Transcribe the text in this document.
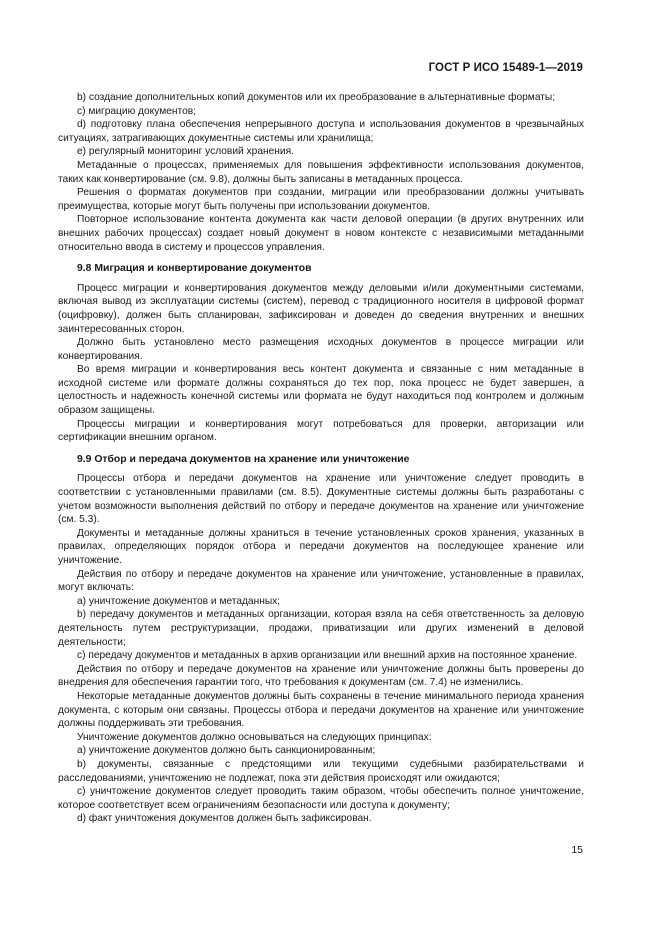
ГОСТ Р ИСО 15489-1—2019

b) создание дополнительных копий документов или их преобразование в альтернативные форматы;

c) миграцию документов;

d) подготовку плана обеспечения непрерывного доступа и использования документов в чрезвычайных ситуациях, затрагивающих документные системы или хранилища;

e) регулярный мониторинг условий хранения.

Метаданные о процессах, применяемых для повышения эффективности использования документов, таких как конвертирование (см. 9.8), должны быть записаны в метаданных процесса.

Решения о форматах документов при создании, миграции или преобразовании должны учитывать преимущества, которые могут быть получены при использовании документов.

Повторное использование контента документа как части деловой операции (в других внутренних или внешних рабочих процессах) создает новый документ в новом контексте с независимыми метаданными относительно ввода в систему и процессов управления.

9.8 Миграция и конвертирование документов

Процесс миграции и конвертирования документов между деловыми и/или документными системами, включая вывод из эксплуатации системы (систем), перевод с традиционного носителя в цифровой формат (оцифровку), должен быть спланирован, зафиксирован и доведен до сведения внутренних и внешних заинтересованных сторон.

Должно быть установлено место размещения исходных документов в процессе миграции или конвертирования.

Во время миграции и конвертирования весь контент документа и связанные с ним метаданные в исходной системе или формате должны сохраняться до тех пор, пока процесс не будет завершен, а целостность и надежность конечной системы или формата не будут находиться под контролем и должным образом защищены.

Процессы миграции и конвертирования могут потребоваться для проверки, авторизации или сертификации внешним органом.

9.9 Отбор и передача документов на хранение или уничтожение

Процессы отбора и передачи документов на хранение или уничтожение следует проводить в соответствии с установленными правилами (см. 8.5). Документные системы должны быть разработаны с учетом возможности выполнения действий по отбору и передаче документов на хранение или уничтожение (см. 5.3).

Документы и метаданные должны храниться в течение установленных сроков хранения, указанных в правилах, определяющих порядок отбора и передачи документов на последующее хранение или уничтожение.

Действия по отбору и передаче документов на хранение или уничтожение, установленные в правилах, могут включать:

a) уничтожение документов и метаданных;

b) передачу документов и метаданных организации, которая взяла на себя ответственность за деловую деятельность путем реструктуризации, продажи, приватизации или других изменений в деловой деятельности;

c) передачу документов и метаданных в архив организации или внешний архив на постоянное хранение.

Действия по отбору и передаче документов на хранение или уничтожение должны быть проверены до внедрения для обеспечения гарантии того, что требования к документам (см. 7.4) не изменились.

Некоторые метаданные документов должны быть сохранены в течение минимального периода хранения документа, с которым они связаны. Процессы отбора и передачи документов на хранение или уничтожение должны поддерживать эти требования.

Уничтожение документов должно основываться на следующих принципах:

a) уничтожение документов должно быть санкционированным;

b) документы, связанные с предстоящими или текущими судебными разбирательствами и расследованиями, уничтожению не подлежат, пока эти действия происходят или ожидаются;

c) уничтожение документов следует проводить таким образом, чтобы обеспечить полное уничтожение, которое соответствует всем ограничениям безопасности или доступа к документу;

d) факт уничтожения документов должен быть зафиксирован.

15
